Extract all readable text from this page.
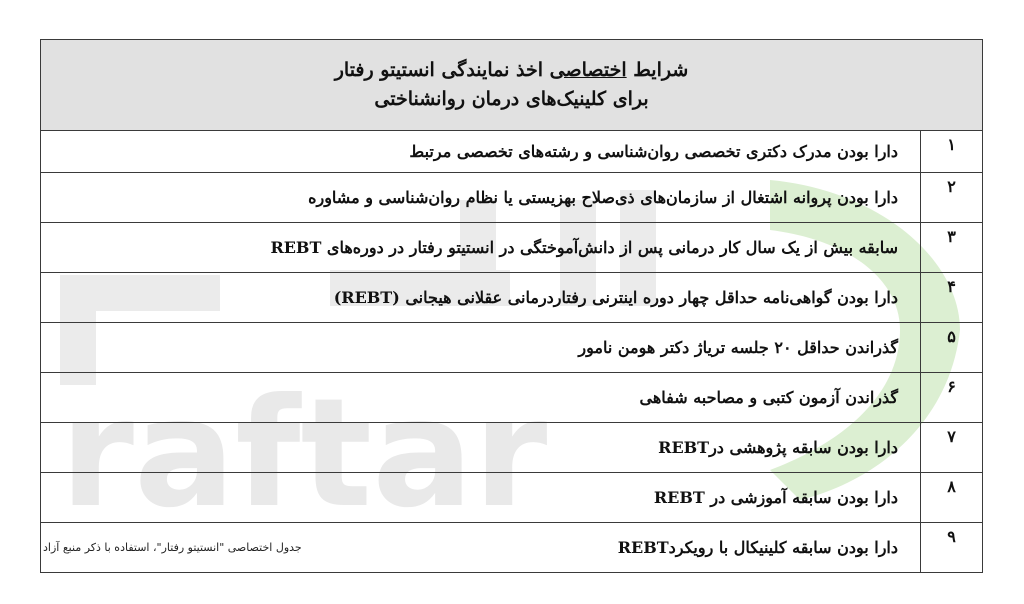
raftar
شرایط اختصاصی اخذ نمایندگی انستیتو رفتار
برای کلینیک‌های درمان روانشناختی	

۱	دارا بودن مدرک دکتری تخصصی روان‌شناسی و رشته‌های تخصصی مرتبط
۲	دارا بودن پروانه اشتغال از سازمان‌های ذی‌صلاح بهزیستی یا نظام روان‌شناسی و مشاوره
۳	سابقه بیش از یک سال کار درمانی پس از دانش‌آموختگی در انستیتو رفتار در دوره‌های REBT
۴	دارا بودن گواهی‌نامه حداقل چهار دوره اینترنی رفتاردرمانی عقلانی هیجانی (REBT)
۵	گذراندن حداقل ۲۰ جلسه تریاژ دکتر هومن نامور
۶	گذراندن آزمون کتبی و مصاحبه شفاهی
۷	دارا بودن سابقه پژوهشی درREBT
۸	دارا بودن سابقه آموزشی در REBT
۹	دارا بودن سابقه کلینیکال با رویکردREBT
جدول اختصاصی "انستیتو رفتار"، استفاده با ذکر منبع آزاد
